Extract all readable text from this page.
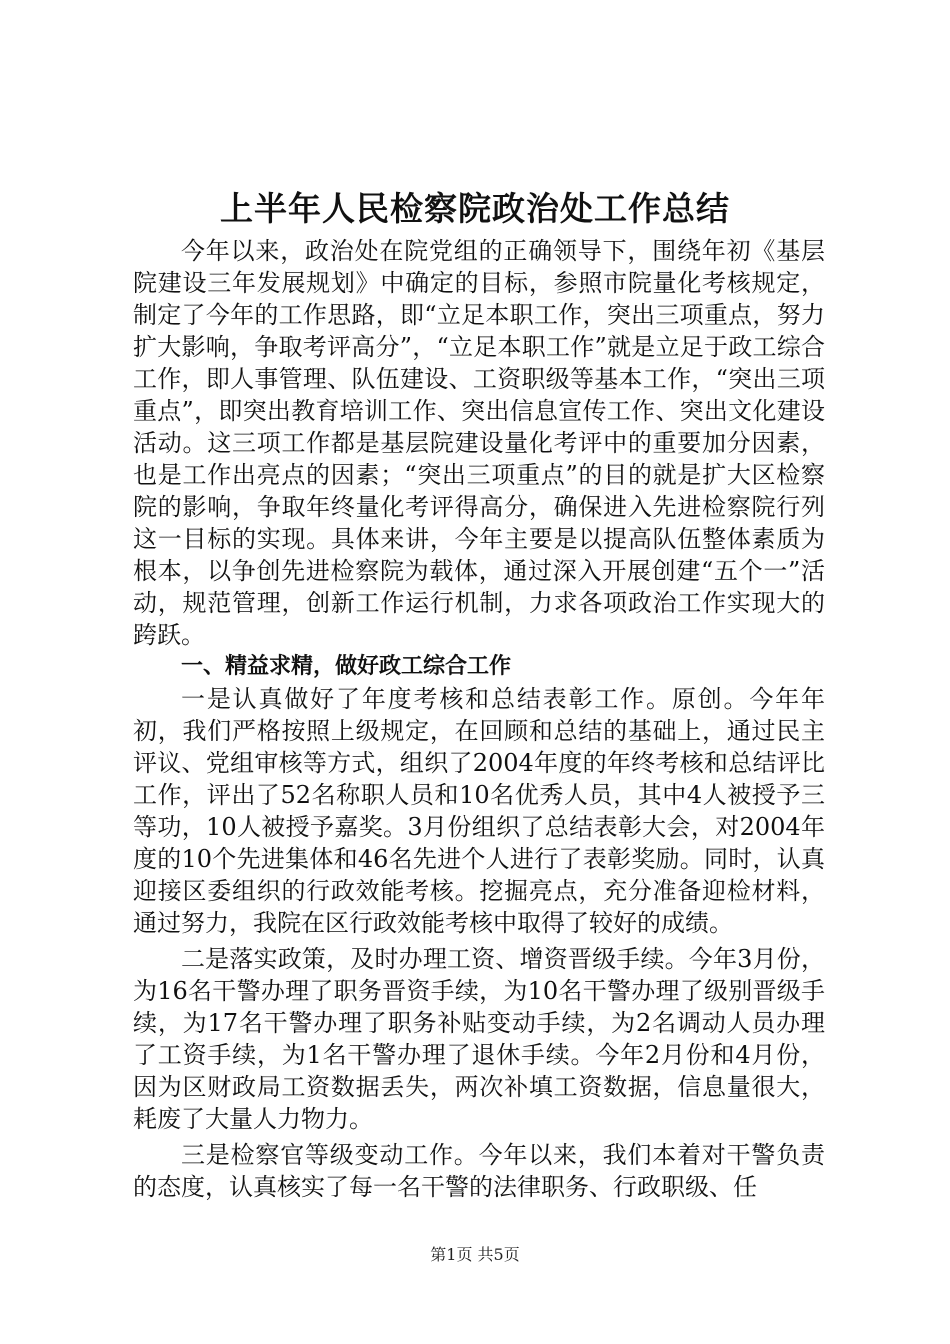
上半年人民检察院政治处工作总结

今年以来，政治处在院党组的正确领导下，围绕年初《基层院建设三年发展规划》中确定的目标，参照市院量化考核规定，制定了今年的工作思路，即“立足本职工作，突出三项重点，努力扩大影响，争取考评高分”，“立足本职工作”就是立足于政工综合工作，即人事管理、队伍建设、工资职级等基本工作，“突出三项重点”，即突出教育培训工作、突出信息宣传工作、突出文化建设活动。这三项工作都是基层院建设量化考评中的重要加分因素，也是工作出亮点的因素；“突出三项重点”的目的就是扩大区检察院的影响，争取年终量化考评得高分，确保进入先进检察院行列这一目标的实现。具体来讲，今年主要是以提高队伍整体素质为根本，以争创先进检察院为载体，通过深入开展创建“五个一”活动，规范管理，创新工作运行机制，力求各项政治工作实现大的跨跃。

一、精益求精，做好政工综合工作

一是认真做好了年度考核和总结表彰工作。原创。今年年初，我们严格按照上级规定，在回顾和总结的基础上，通过民主评议、党组审核等方式，组织了2004年度的年终考核和总结评比工作，评出了52名称职人员和10名优秀人员，其中4人被授予三等功，10人被授予嘉奖。3月份组织了总结表彰大会，对2004年度的10个先进集体和46名先进个人进行了表彰奖励。同时，认真迎接区委组织的行政效能考核。挖掘亮点，充分准备迎检材料，通过努力，我院在区行政效能考核中取得了较好的成绩。

二是落实政策，及时办理工资、增资晋级手续。今年3月份，为16名干警办理了职务晋资手续，为10名干警办理了级别晋级手续，为17名干警办理了职务补贴变动手续，为2名调动人员办理了工资手续，为1名干警办理了退休手续。今年2月份和4月份，因为区财政局工资数据丢失，两次补填工资数据，信息量很大，耗废了大量人力物力。

三是检察官等级变动工作。今年以来，我们本着对干警负责的态度，认真核实了每一名干警的法律职务、行政职级、任

第1页 共5页
